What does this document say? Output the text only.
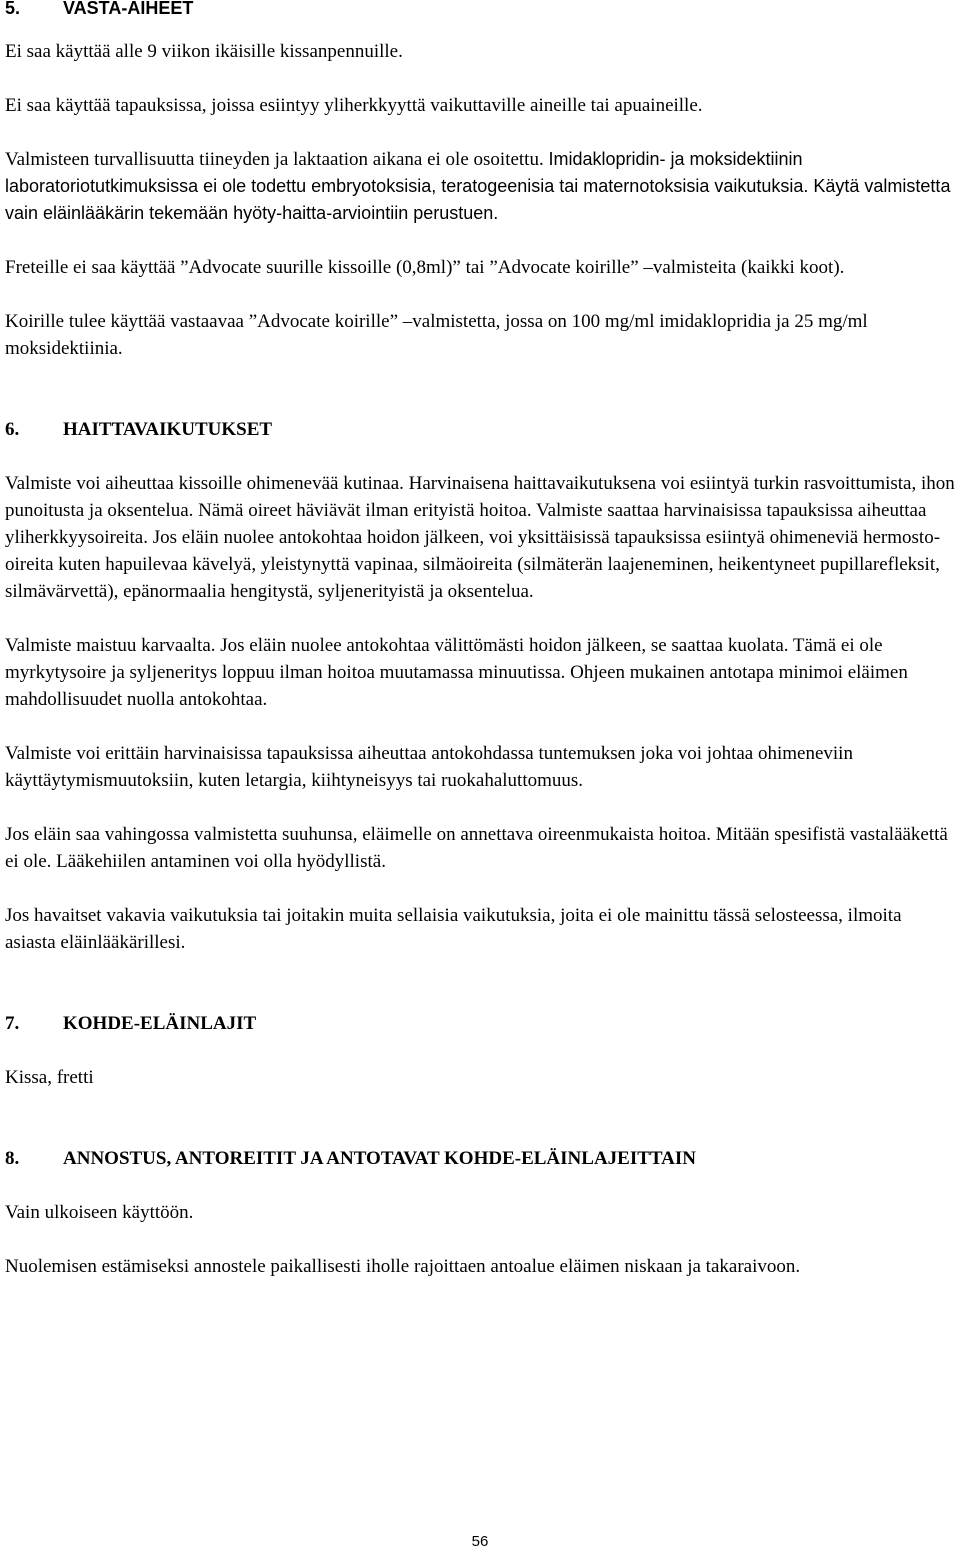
5. VASTA-AIHEET

Ei saa käyttää alle 9 viikon ikäisille kissanpennuille.

Ei saa käyttää tapauksissa, joissa esiintyy yliherkkyyttä vaikuttaville aineille tai apuaineille.

Valmisteen turvallisuutta tiineyden ja laktaation aikana ei ole osoitettu. Imidaklopridin- ja moksidektiinin laboratoriotutkimuksissa ei ole todettu embryotoksisia, teratogeenisia tai maternotoksisia vaikutuksia. Käytä valmistetta vain eläinlääkärin tekemään hyöty-haitta-arviointiin perustuen.

Freteille ei saa käyttää ”Advocate suurille kissoille (0,8ml)” tai ”Advocate koirille” –valmisteita (kaikki koot).

Koirille tulee käyttää vastaavaa ”Advocate koirille” –valmistetta, jossa on 100 mg/ml imidaklopridia ja 25 mg/ml moksidektiinia.

6. HAITTAVAIKUTUKSET

Valmiste voi aiheuttaa kissoille ohimenevää kutinaa. Harvinaisena haittavaikutuksena voi esiintyä turkin rasvoittumista, ihon punoitusta ja oksentelua. Nämä oireet häviävät ilman erityistä hoitoa. Valmiste saattaa harvinaisissa tapauksissa aiheuttaa yliherkkyysoireita. Jos eläin nuolee antokohtaa hoidon jälkeen, voi yksittäisissä tapauksissa esiintyä ohimeneviä hermosto-oireita kuten hapuilevaa kävelyä, yleistynyttä vapinaa, silmäoireita (silmäterän laajeneminen, heikentyneet pupillarefleksit, silmävärvettä), epänormaalia hengitystä, syljenerityistä ja oksentelua.

Valmiste maistuu karvaalta. Jos eläin nuolee antokohtaa välittömästi hoidon jälkeen, se saattaa kuolata. Tämä ei ole myrkytysoire ja syljeneritys loppuu ilman hoitoa muutamassa minuutissa. Ohjeen mukainen antotapa minimoi eläimen mahdollisuudet nuolla antokohtaa.

Valmiste voi erittäin harvinaisissa tapauksissa aiheuttaa antokohdassa tuntemuksen joka voi johtaa ohimeneviin käyttäytymismuutoksiin, kuten letargia, kiihtyneisyys tai ruokahaluttomuus.

Jos eläin saa vahingossa valmistetta suuhunsa, eläimelle on annettava oireenmukaista hoitoa. Mitään spesifistä vastalääkettä ei ole. Lääkehiilen antaminen voi olla hyödyllistä.

Jos havaitset vakavia vaikutuksia tai joitakin muita sellaisia vaikutuksia, joita ei ole mainittu tässä selosteessa, ilmoita asiasta eläinlääkärillesi.

7. KOHDE-ELÄINLAJIT

Kissa, fretti

8. ANNOSTUS, ANTOREITIT JA ANTOTAVAT KOHDE-ELÄINLAJEITTAIN

Vain ulkoiseen käyttöön.

Nuolemisen estämiseksi annostele paikallisesti iholle rajoittaen antoalue eläimen niskaan ja takaraivoon.

56
